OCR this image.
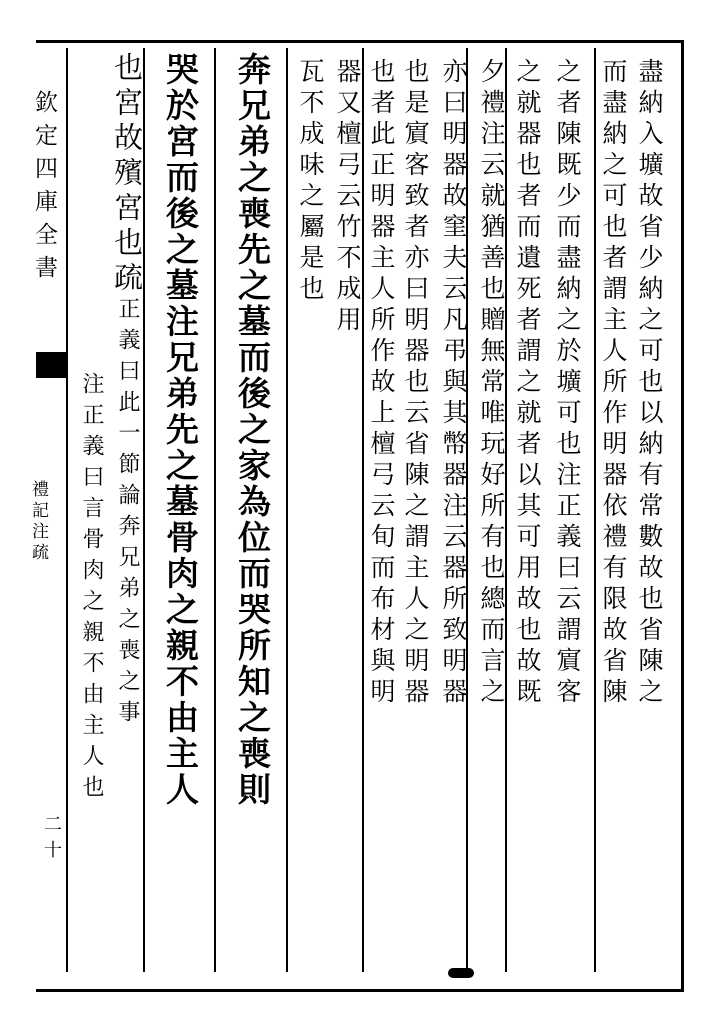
欽定四庫全書
禮記注疏
二十
盡納入壙故省少納之可也以納有常數故也省陳之
而盡納之可也者謂主人所作明器依禮有限故省陳
之者陳既少而盡納之於壙可也注正義曰云謂賔客
之就器也者而遺死者謂之就者以其可用故也故既
夕禮注云就猶善也贈無常唯玩好所有也總而言之
亦曰明器故窐夫云凡弔與其幣器注云器所致明器
也是賔客致者亦曰明器也云省陳之謂主人之明器
也者此正明器主人所作故上檀弓云旬而布材與明
器又檀弓云竹不成用
瓦不成味之屬是也
奔兄弟之喪先之墓而後之家為位而哭所知之喪則
哭於宮而後之墓注兄弟先之墓骨肉之親不由主人
也宮故殯宮也疏正義曰此一節論奔兄弟之喪之事
注正義曰言骨肉之親不由主人也
